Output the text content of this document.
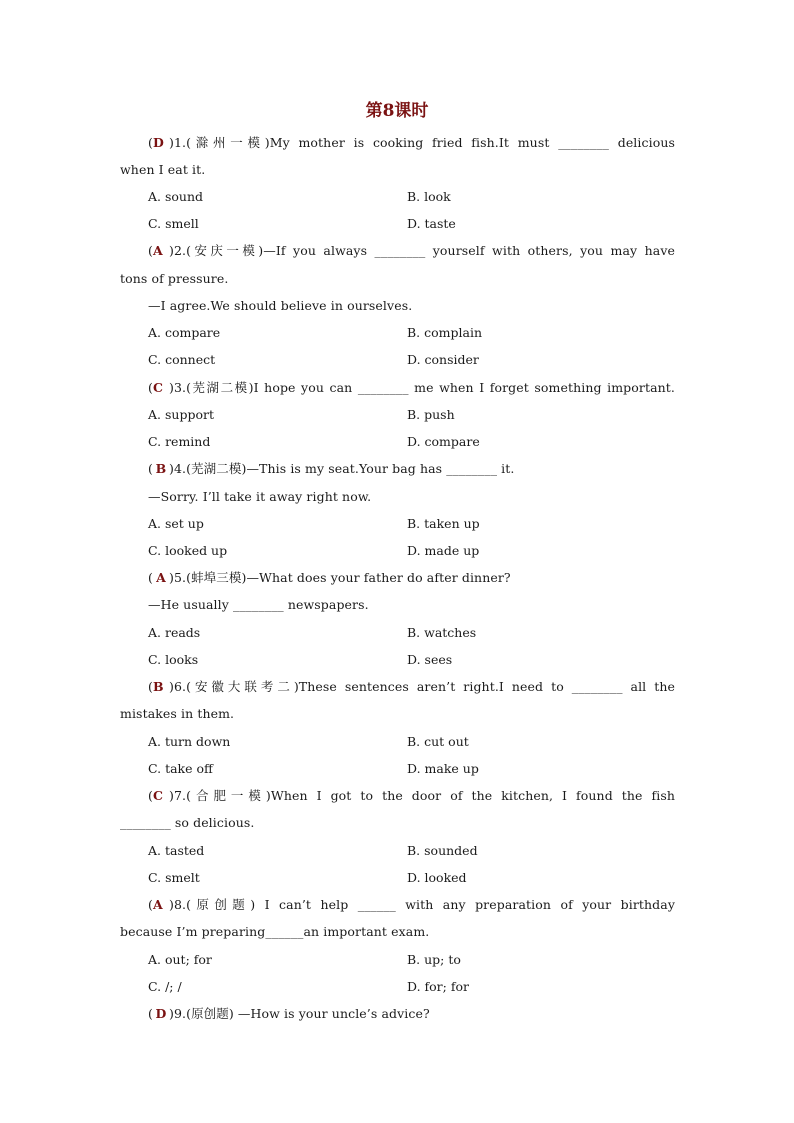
第8课时
(D )1.(滁州一模)My mother is cooking fried fish.It must ________ delicious
when I eat it.
A. sound	B. look
C. smell	D. taste
(A )2.(安庆一模)—If you always ________ yourself with others, you may have
tons of pressure.
—I agree.We should believe in ourselves.
A. compare	B. complain
C. connect	D. consider
(C )3.(芜湖二模)I hope you can ________ me when I forget something important.
A. support	B. push
C. remind	D. compare
( B )4.(芜湖二模)—This is my seat.Your bag has ________ it.
—Sorry. I’ll take it away right now.
A. set up	B. taken up
C. looked up	D. made up
( A )5.(蚌埠三模)—What does your father do after dinner?
—He usually ________ newspapers.
A. reads	B. watches
C. looks	D. sees
(B )6.(安徽大联考二)These sentences aren’t right.I need to ________ all the
mistakes in them.
A. turn down	B. cut out
C. take off	D. make up
(C )7.(合肥一模)When I got to the door of the kitchen, I found the fish
________ so delicious.
A. tasted	B. sounded
C. smelt	D. looked
(A )8.(原创题) I can’t help ______ with any preparation of your birthday
because I’m preparing______an important exam.
A. out; for	B. up; to
C. /; /	D. for; for
( D )9.(原创题) —How is your uncle’s advice?
